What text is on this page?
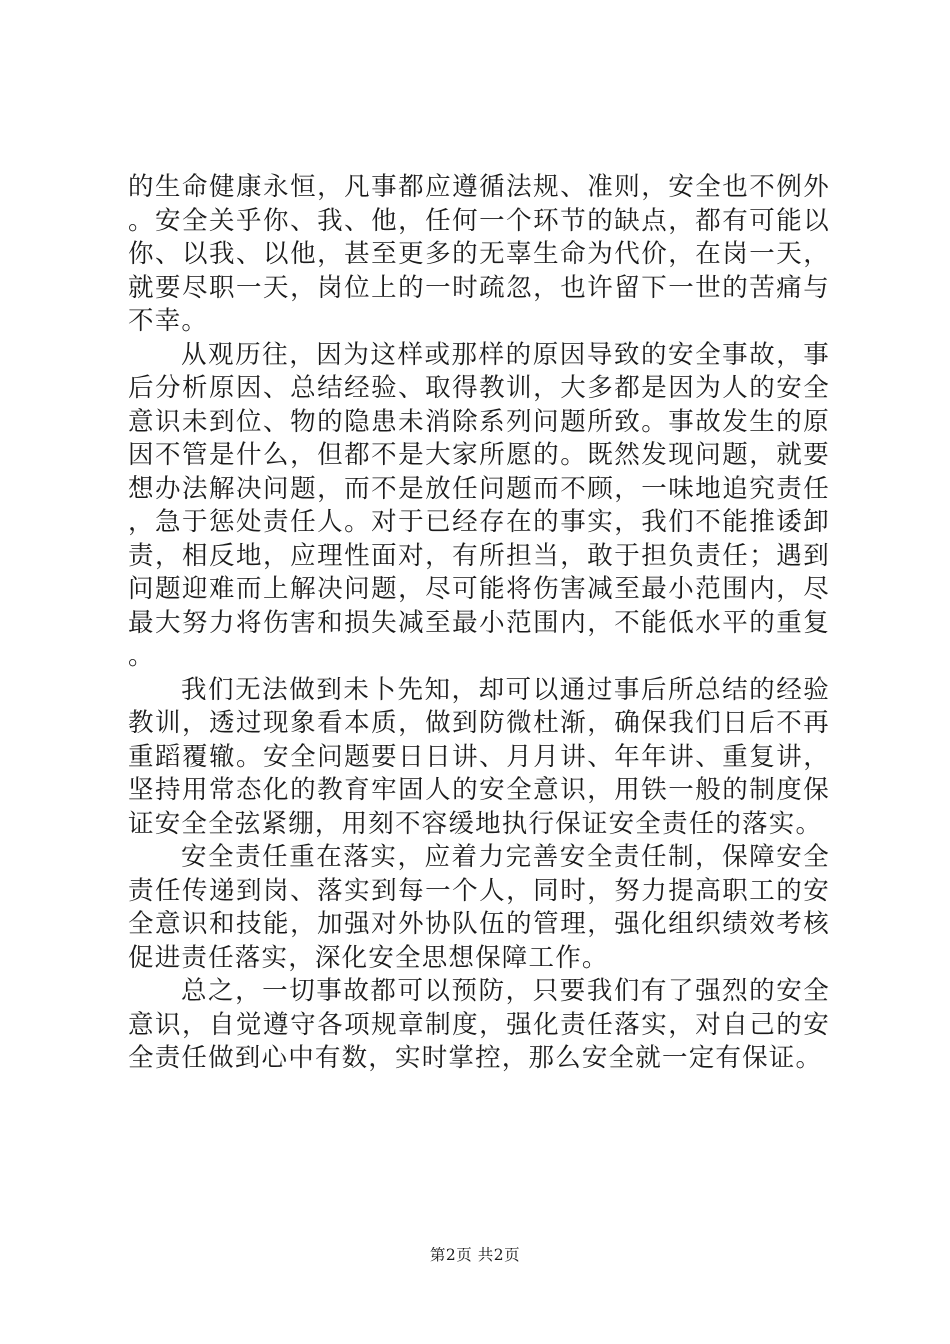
的生命健康永恒，凡事都应遵循法规、准则，安全也不例外。安全关乎你、我、他，任何一个环节的缺点，都有可能以你、以我、以他，甚至更多的无辜生命为代价，在岗一天，就要尽职一天，岗位上的一时疏忽，也许留下一世的苦痛与不幸。

从观历往，因为这样或那样的原因导致的安全事故，事后分析原因、总结经验、取得教训，大多都是因为人的安全意识未到位、物的隐患未消除系列问题所致。事故发生的原因不管是什么，但都不是大家所愿的。既然发现问题，就要想办法解决问题，而不是放任问题而不顾，一味地追究责任，急于惩处责任人。对于已经存在的事实，我们不能推诿卸责，相反地，应理性面对，有所担当，敢于担负责任；遇到问题迎难而上解决问题，尽可能将伤害减至最小范围内，尽最大努力将伤害和损失减至最小范围内，不能低水平的重复。

我们无法做到未卜先知，却可以通过事后所总结的经验教训，透过现象看本质，做到防微杜渐，确保我们日后不再重蹈覆辙。安全问题要日日讲、月月讲、年年讲、重复讲，坚持用常态化的教育牢固人的安全意识，用铁一般的制度保证安全全弦紧绷，用刻不容缓地执行保证安全责任的落实。

安全责任重在落实，应着力完善安全责任制，保障安全责任传递到岗、落实到每一个人，同时，努力提高职工的安全意识和技能，加强对外协队伍的管理，强化组织绩效考核促进责任落实，深化安全思想保障工作。

总之，一切事故都可以预防，只要我们有了强烈的安全意识，自觉遵守各项规章制度，强化责任落实，对自己的安全责任做到心中有数，实时掌控，那么安全就一定有保证。

第2页 共2页
